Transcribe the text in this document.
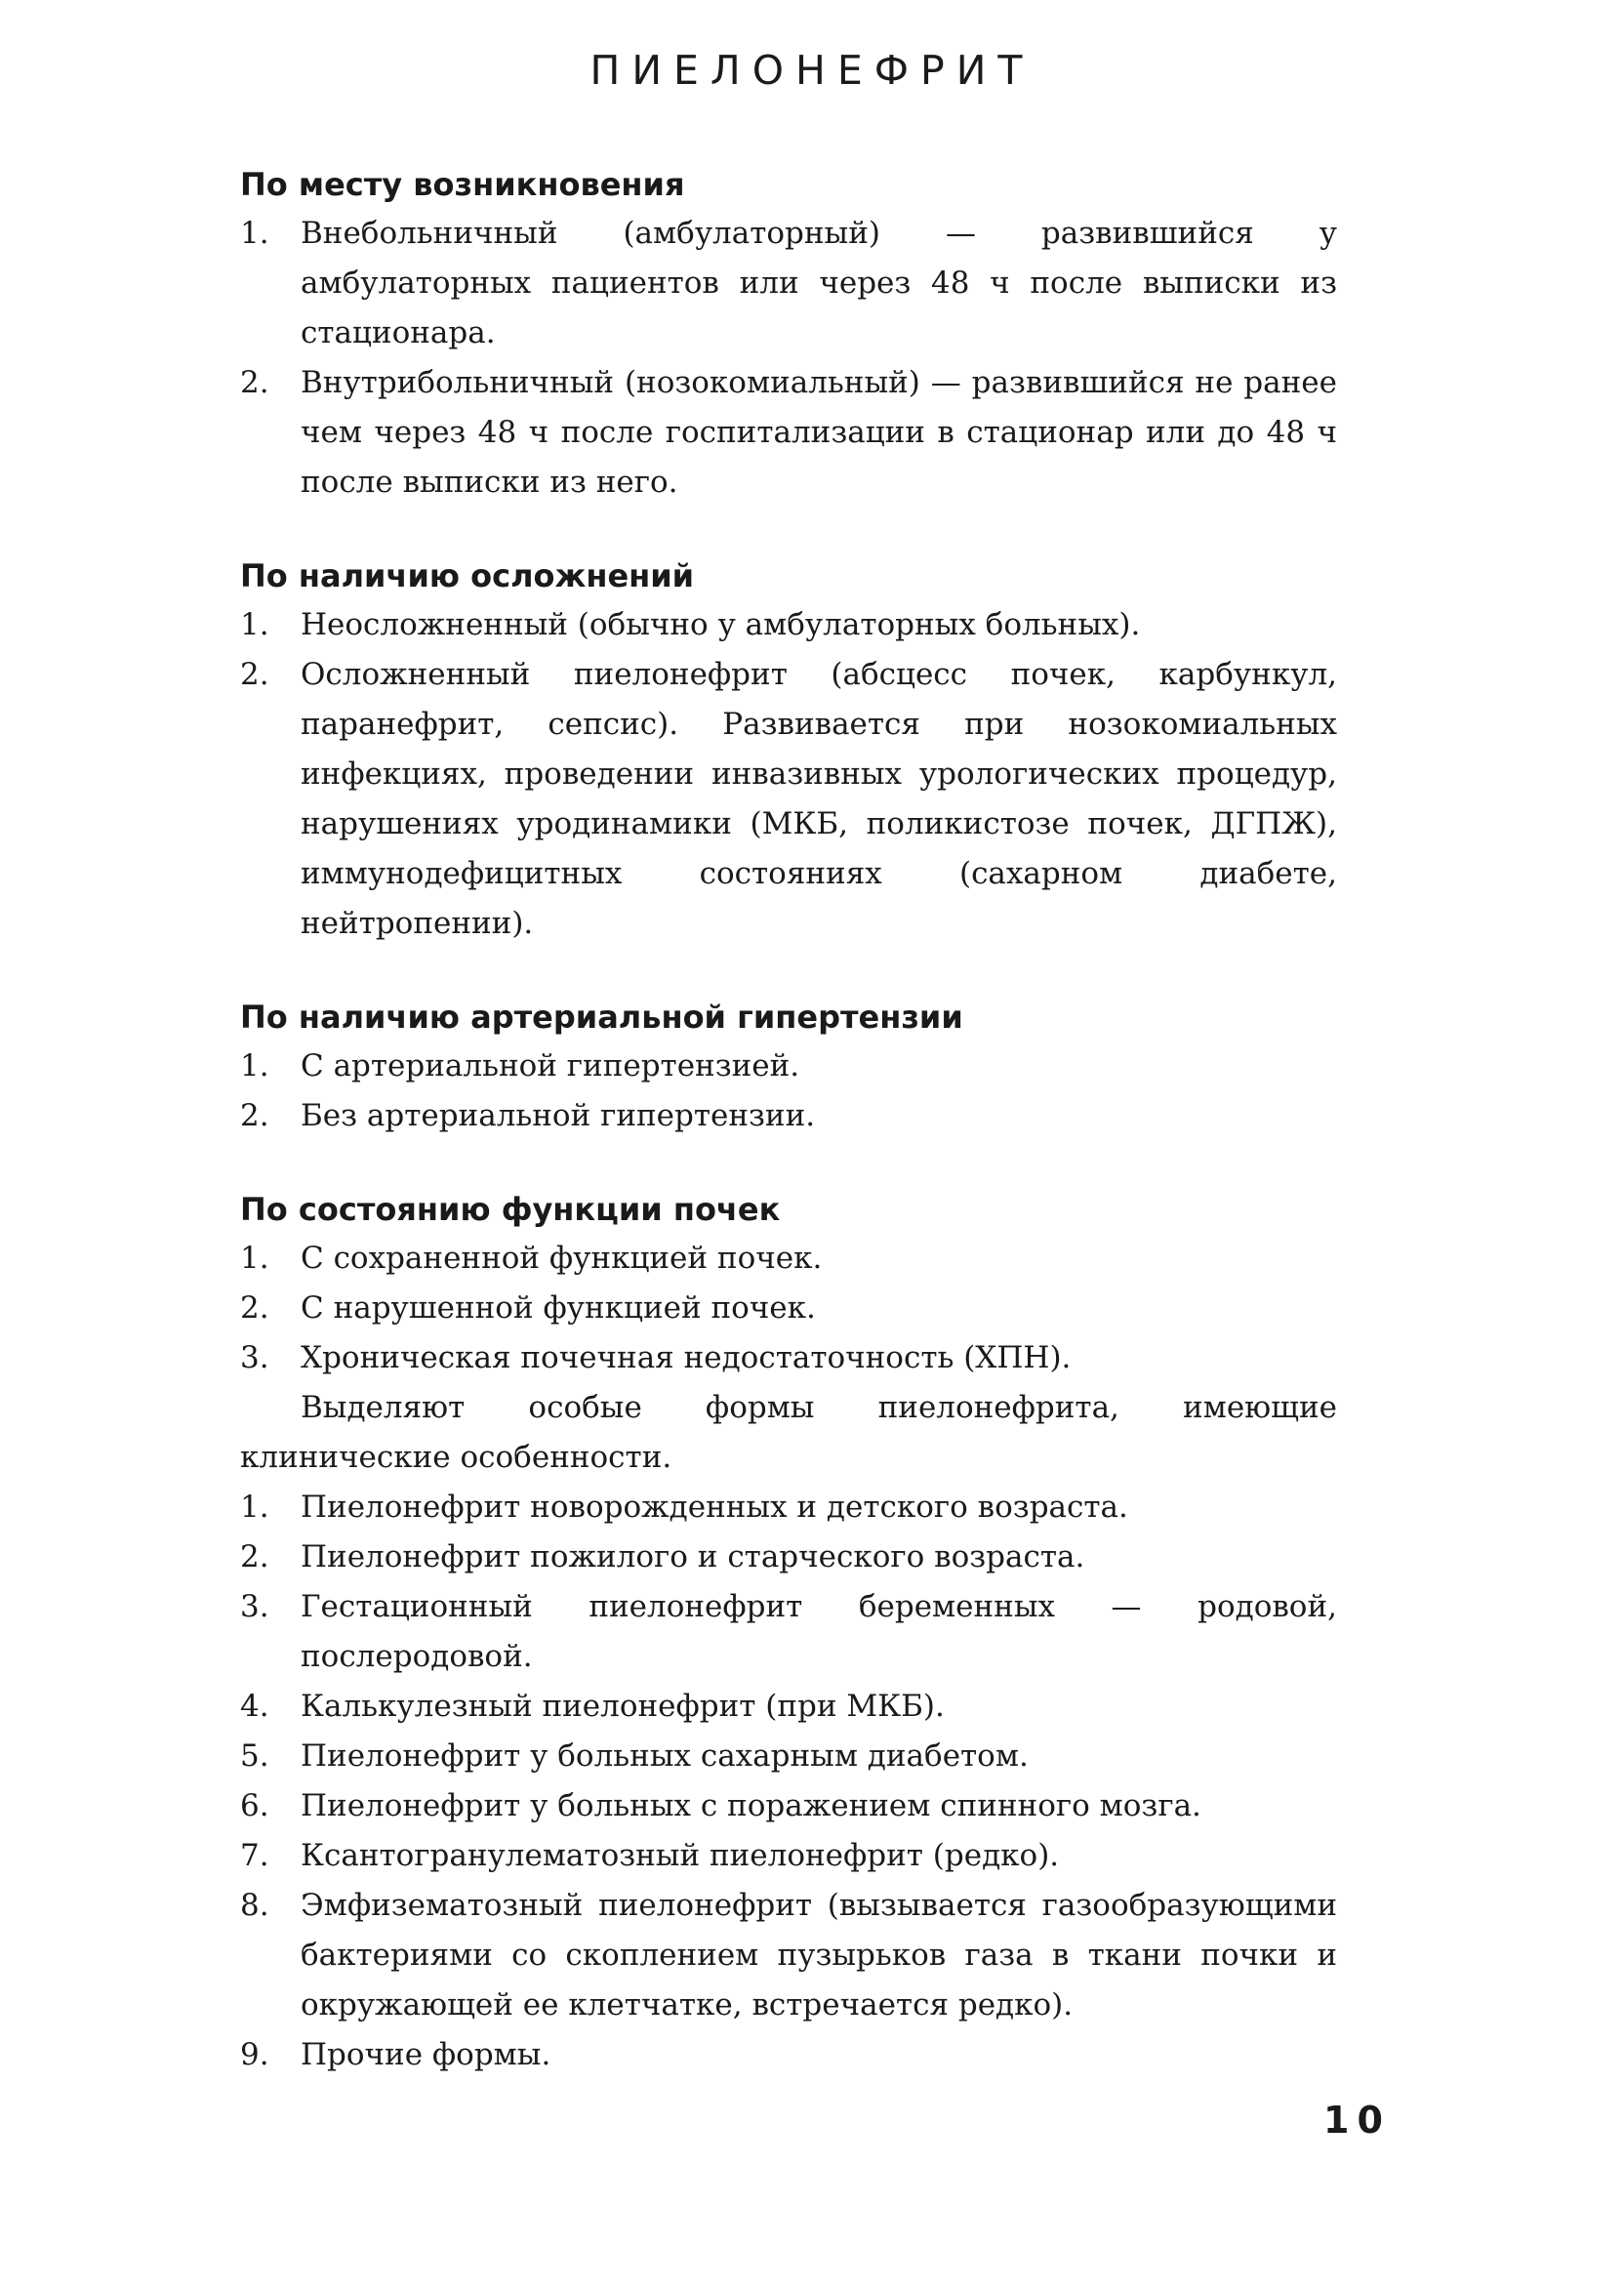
ПИЕЛОНЕФРИТ
По месту возникновения
1. Внебольничный (амбулаторный) — развившийся у амбулаторных пациентов или через 48 ч после выписки из стационара.
2. Внутрибольничный (нозокомиальный) — развившийся не ранее чем через 48 ч после госпитализации в стационар или до 48 ч после выписки из него.
По наличию осложнений
1. Неосложненный (обычно у амбулаторных больных).
2. Осложненный пиелонефрит (абсцесс почек, карбункул, паранефрит, сепсис). Развивается при нозокомиальных инфекциях, проведении инвазивных урологических процедур, нарушениях уродинамики (МКБ, поликистозе почек, ДГПЖ), иммунодефицитных состояниях (сахарном диабете, нейтропении).
По наличию артериальной гипертензии
1. С артериальной гипертензией.
2. Без артериальной гипертензии.
По состоянию функции почек
1. С сохраненной функцией почек.
2. С нарушенной функцией почек.
3. Хроническая почечная недостаточность (ХПН).

Выделяют особые формы пиелонефрита, имеющие клинические особенности.

1. Пиелонефрит новорожденных и детского возраста.
2. Пиелонефрит пожилого и старческого возраста.
3. Гестационный пиелонефрит беременных — родовой, послеродовой.
4. Калькулезный пиелонефрит (при МКБ).
5. Пиелонефрит у больных сахарным диабетом.
6. Пиелонефрит у больных с поражением спинного мозга.
7. Ксантогранулематозный пиелонефрит (редко).
8. Эмфизематозный пиелонефрит (вызывается газообразующими бактериями со скоплением пузырьков газа в ткани почки и окружающей ее клетчатке, встречается редко).
9. Прочие формы.
10
